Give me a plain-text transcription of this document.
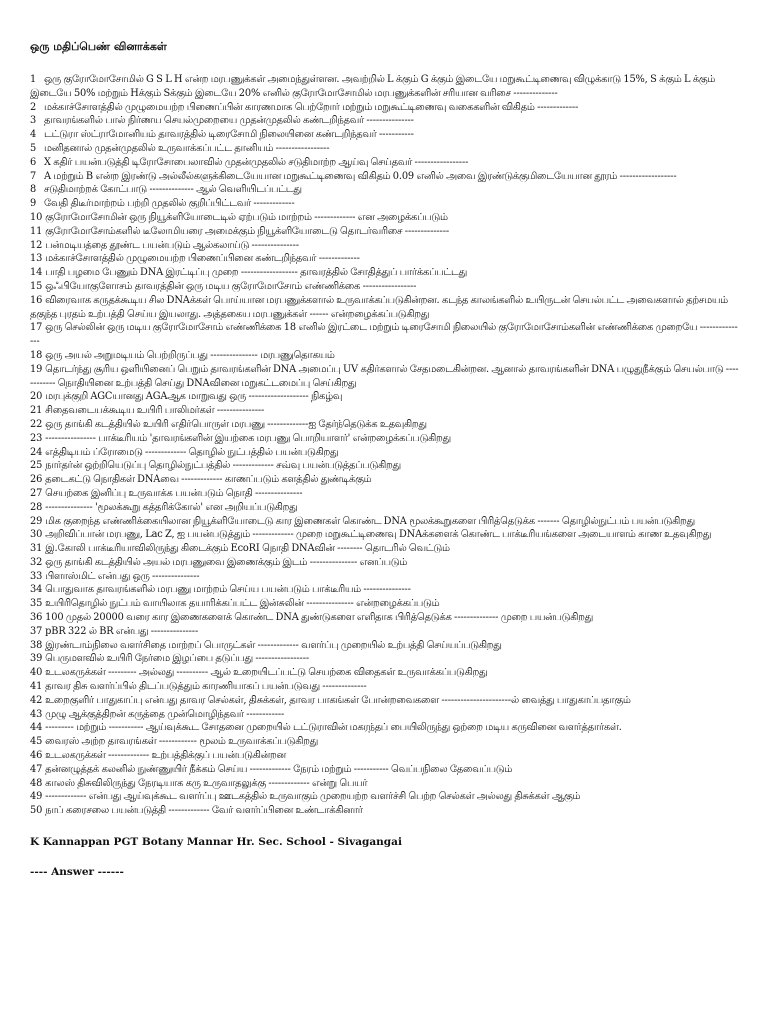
ஒரு மதிப்பெண் வினாக்கள்
1 ஒரு குரோமோசோமில் G S L H என்ற மரபணுக்கள் அமைந்துள்ளன. அவற்றில் L க்கும் G க்கும் இடையே மறுகூட்டிணைவு விழுக்காடு 15%, S க்கும் L க்கும் இடையே 50% மற்றும் Hக்கும் Sக்கும் இடையே 20% எனில் குரோமோசோமில் மரபணுக்களின் சரியான வரிசை --------------
2 மக்காச்சோளத்தில் முழுமையற்ற பிணைப்பின் காரணமாக பெற்றோர் மற்றும் மறுகூட்டிணைவு வகைகளின் விகிதம் -------------
3 தாவரங்களில் பால் நிர்ணய செயல்முறையை முதன்முதலில் கண்டறிந்தவர் ---------------
4 டட்டுரா ஸ்ட்ராமோனியம் தாவரத்தில் டிரைசோமி நிலையினை கண்டறிந்தவர் -----------
5 மனிதனால் முதன்முதலில் உருவாக்கப்பட்ட தானியம் -----------------
6 X கதிர் பயன்படுத்தி டிரோசோபைலாவில் முதன்முதலில் சடுதிமாற்ற ஆய்வு செய்தவர் -----------------
7 A மற்றும் B என்ற இரண்டு அல்லீல்களுக்கிடையேயான மறுகூட்டிணைவு விகிதம் 0.09 எனில் அவை இரண்டுக்குமிடையேயான தூரம் ------------------
8 சடுதிமாற்றக் கோட்பாடு -------------- ஆல் வெளியிடப்பட்டது
9 வேதி திடீர்மாற்றம் பற்றி முதலில் குறிப்பிட்டவர் -------------
10 குரோமோசோமின் ஒரு நியூக்ளியோடைடில் ஏற்படும் மாற்றம் ------------- என அழைக்கப்படும்
11 குரோமோசோம்களில் டீலோமியரை அமைக்கும் நியூக்ளியோடைடு தொடர்வரிசை --------------
12 பன்மடியத்தை தூண்ட பயன்படும் ஆல்கலாய்டு ---------------
13 மக்காச்சோளத்தில் முழுமையற்ற பிணைப்பினை கண்டறிந்தவர் -------------
14 பாதி பழமை பேணும் DNA இரட்டிப்பு முறை ------------------ தாவரத்தில் சோதித்துப் பார்க்கப்பட்டது
15 ஒஃபியோகுளோசம் தாவரத்தின் ஒரு மடிய குரோமோசோம் எண்ணிக்கை -----------------
16 விரைவாக கருதக்கூடிய சில DNAக்கள் பொய்யான மரபணுக்களால் உருவாக்கப்படுகின்றன. கடந்த காலங்களில் உயிருடன் செயல்பட்ட அவைகளால் தற்சமயம் தகுந்த புரதம் உற்பத்தி செய்ய இயலாது. அத்தகைய மரபணுக்கள் ------ என்றழைக்கப்படுகிறது
17 ஒரு செல்லின் ஒரு மடிய குரோமோசோம் எண்ணிக்கை 18 எனில் இரட்டை மற்றும் டிரைசோமி நிலையில் குரோமோசோம்களின் எண்ணிக்கை முறையே ---------------
18 ஒரு அயல் அறுமடியம் பெற்றிருப்பது --------------- மரபணுதொகயம்
19 தொடர்ந்து சூரிய ஒளியினைப் பெறும் தாவரங்களின் DNA அமைப்பு UV கதிர்களால் சேதமடைகின்றன. ஆனால் தாவரங்களின் DNA பழுதுநீக்கும் செயல்பாடு ------------ நொதியினை உற்பத்தி செய்து DNAவினை மறுகட்டமைப்பு செய்கிறது
20 மரபுக்குறி AGCயானது AGAஆக மாறுவது ஒரு ------------------- நிகழ்வு
21 சிதைவடையக்கூடிய உயிரி பாலிமர்கள் ---------------
22 ஒரு தாங்கி கடத்தியில் உயிரி எதிர்பொருள் மரபணு -------------ஐ தேர்ந்தெடுக்க உதவுகிறது
23 ---------------- பாக்டீரியம் 'தாவரங்களின் இயற்கை மரபணு பொறியாளர்' என்றழைக்கப்படுகிறது
24 எத்திடியம் ப்ரோமைடு ------------- தொழில் நுட்பத்தில் பயன்படுகிறது
25 நார்தர்ன் ஒற்றியெடுப்பு தாெழில்நுட்பத்தில் ------------- சவ்வு பயன்படுத்தப்படுகிறது
26 தடைகட்டு நொதிகள் DNAவை ------------- காணப்படும் களத்தில் துண்டிக்கும்
27 செயற்கை இனிப்பு உருவாக்க பயன்படும் நொதி ---------------
28 --------------- 'மூலக்கூறு கத்தரிக்கோல்' என அறியப்படுகிறது
29 மிக குறைந்த எண்ணிக்கையிலான நியூக்ளியோடைடு கார இணைகள் கொண்ட DNA மூலக்கூறுகளை பிரித்தெடுக்க ------- தொழில்நுட்பம் பயன்படுகிறது
30 அறிவிப்பான் மரபணு, Lac Z, ஐ பயன்படுத்தும் ------------- முறை மறுகூட்டிணைவு DNAக்களைக் கொண்ட பாக்டீரியங்களை அடையாளம் காண உதவுகிறது
31 இ.கோலி பாக்டீரியாவிலிருந்து கிடைக்கும் EcoRI நொதி DNAவின் -------- தொடரில் வெட்டும்
32 ஒரு தாங்கி கடத்தியில் அயல் மரபணுவை இணைக்கும் இடம் --------------- எனப்படும்
33 பிளாஸ்மிட் என்பது ஒரு ---------------
34 பாெதுவாக தாவரங்களில் மரபணு மாற்றம் செய்ய பயன்படும் பாக்டீரியம் ---------------
35 உயிரிதொழில் நுட்பம் வாயிலாக தயாரிக்கப்பட்ட இன்சுலின் --------------- என்றழைக்கப்படும்
36 100 முதல் 20000 வரை கார இணைகளைக் கொண்ட DNA துண்டுகளை எளிதாக பிரித்தெடுக்க -------------- முறை பயன்படுகிறது
37 pBR 322 ல் BR என்பது ---------------
38 இரண்டாம்நிலை வளர்சிதை மாற்றப் பொருட்கள் ------------- வளர்ப்பு முறையில் உற்பத்தி செய்யப்படுகிறது
39 பெருமளவில் உயிரி நேர்மை இழப்பை தடுப்பது -----------------
40 உடலகருக்கள் --------- அல்லது ---------- ஆல் உறையிடப்பட்டு செயற்கை விதைகள் உருவாக்கப்படுகிறது
41 தாவர திசு வளர்ப்பில் திடப்படுத்தும் காரணியாகப் பயன்படுவது --------------
42 உறைகுளிர் பாதுகாப்பு என்பது தாவர செல்கள், திசுக்கள், தாவர பாகங்கள் போன்றவைகளை ----------------------ல் வைத்து பாதுகாப்பதாகும்
43 முழு ஆக்குத்திறன் கருத்தை முன்மொழிந்தவர் ------------
44 --------- மற்றும் ----------- ஆய்வுக்கூட சோதனை முறையில் டட்டுராவின் மகரந்தப் பையிலிருந்து ஒற்றை மடிய கருவினை வளர்த்தார்கள்.
45 வைரஸ் அற்ற தாவரங்கள் ------------ மூலம் உருவாக்கப்படுகிறது
46 உடலகருக்கள் ------------- உற்பத்திக்குப் பயன்படுகின்றன
47 தன்னழுத்தக் கலனில் நுண்ணுயிர் நீக்கம் செய்ய ------------- நேரம் மற்றும் ----------- வெப்பநிலை தேவைப்படும்
48 காலஸ் திசுவிலிருந்து நேரடியாக கரு உருவாதலுக்கு ------------- என்று பெயர்
49 ------------- என்பது ஆய்வுக்கூட வளர்ப்பு ஊடகத்தில் உருவாகும் முறையற்ற வளர்ச்சி பெற்ற செல்கள் அல்லது திசுக்கள் ஆகும்
50 நாப் கரைசலை பயன்படுத்தி ------------- வேர் வளர்ப்பினை உண்டாக்கினார்
K Kannappan PGT Botany Mannar Hr. Sec. School - Sivagangai
---- Answer ------
